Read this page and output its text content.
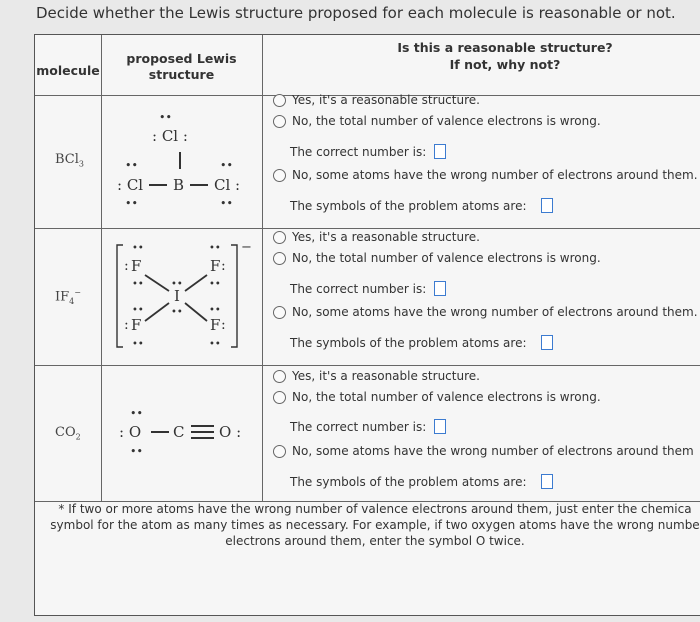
Decide whether the Lewis structure proposed for each molecule is reasonable or not.
molecule
proposed Lewis
structure
Is this a reasonable structure?
If not, why not?
BCl$_3$
••
: Cl :
••	••
: Cl B Cl :
••	••
Yes, it's a reasonable structure.
No, the total number of valence electrons is wrong.
The correct number is:
No, some atoms have the wrong number of electrons around them.
The symbols of the problem atoms are:
$IF_4^-$
−
••
: F
••
••
F :
••
••
: F
••
••
F :
••
••
I
••
Yes, it's a reasonable structure.
No, the total number of valence electrons is wrong.
The correct number is:
No, some atoms have the wrong number of electrons around them.
The symbols of the problem atoms are:
$CO_2$
••
: O C O :
••
Yes, it's a reasonable structure.
No, the total number of valence electrons is wrong.
The correct number is:
No, some atoms have the wrong number of electrons around them
The symbols of the problem atoms are:
* If two or more atoms have the wrong number of valence electrons around them, just enter the chemica
symbol for the atom as many times as necessary. For example, if two oxygen atoms have the wrong numbe
electrons around them, enter the symbol O twice.
